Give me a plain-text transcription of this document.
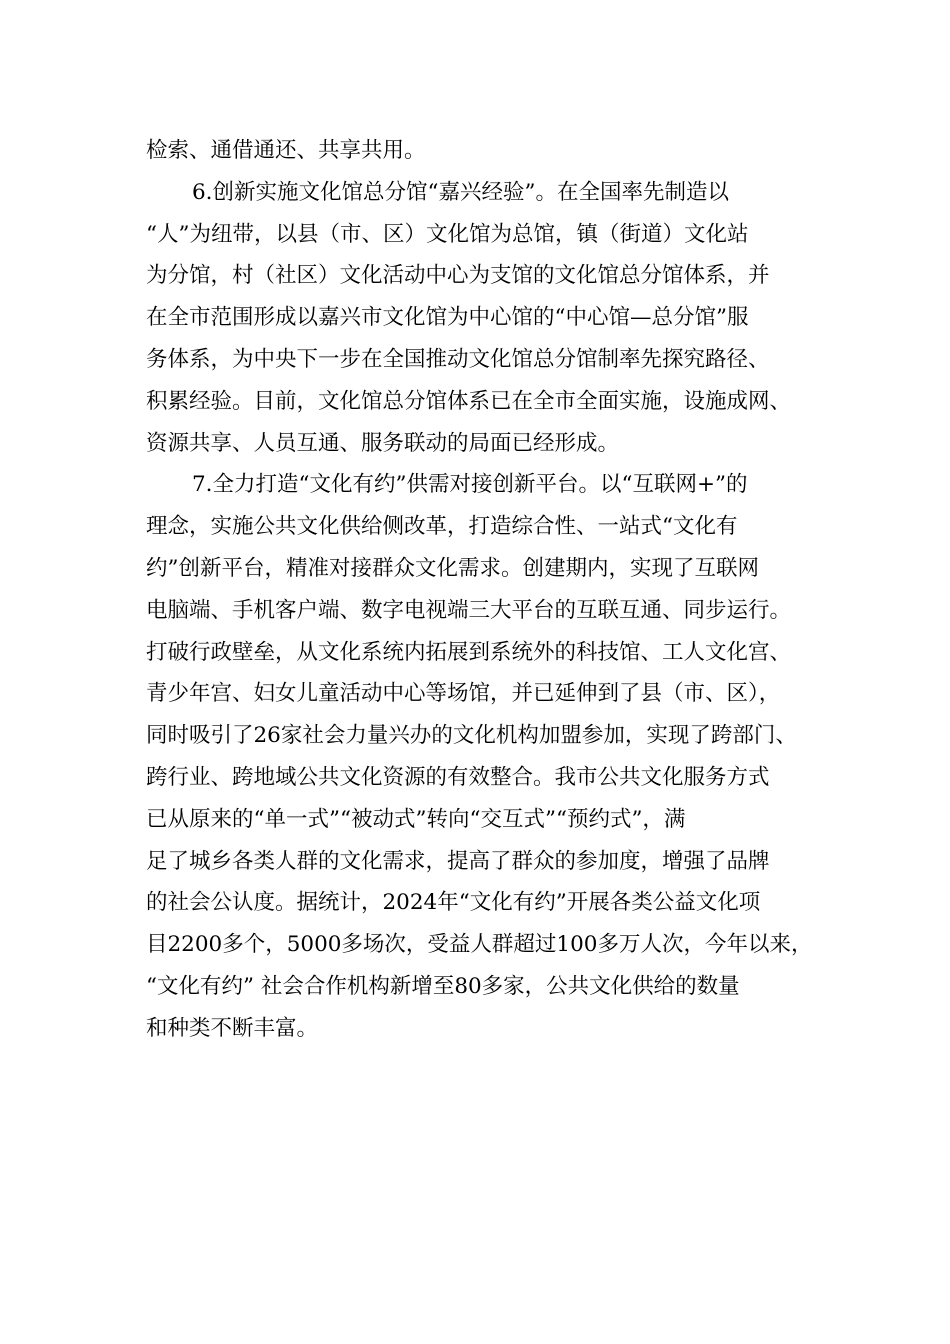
检索、通借通还、共享共用。
6.创新实施文化馆总分馆“嘉兴经验”。在全国率先制造以
“人”为纽带，以县（市、区）文化馆为总馆，镇（街道）文化站
为分馆，村（社区）文化活动中心为支馆的文化馆总分馆体系，并
在全市范围形成以嘉兴市文化馆为中心馆的“中心馆—总分馆”服
务体系，为中央下一步在全国推动文化馆总分馆制率先探究路径、
积累经验。目前，文化馆总分馆体系已在全市全面实施，设施成网、
资源共享、人员互通、服务联动的局面已经形成。
7.全力打造“文化有约”供需对接创新平台。以“互联网+”的
理念，实施公共文化供给侧改革，打造综合性、一站式“文化有
约”创新平台，精准对接群众文化需求。创建期内，实现了互联网
电脑端、手机客户端、数字电视端三大平台的互联互通、同步运行。
打破行政壁垒，从文化系统内拓展到系统外的科技馆、工人文化宫、
青少年宫、妇女儿童活动中心等场馆，并已延伸到了县（市、区），
同时吸引了26家社会力量兴办的文化机构加盟参加，实现了跨部门、
跨行业、跨地域公共文化资源的有效整合。我市公共文化服务方式
已从原来的“单一式”“被动式”转向“交互式”“预约式”，满
足了城乡各类人群的文化需求，提高了群众的参加度，增强了品牌
的社会公认度。据统计，2024年“文化有约”开展各类公益文化项
目2200多个，5000多场次，受益人群超过100多万人次，今年以来，
“文化有约” 社会合作机构新增至80多家，公共文化供给的数量
和种类不断丰富。
